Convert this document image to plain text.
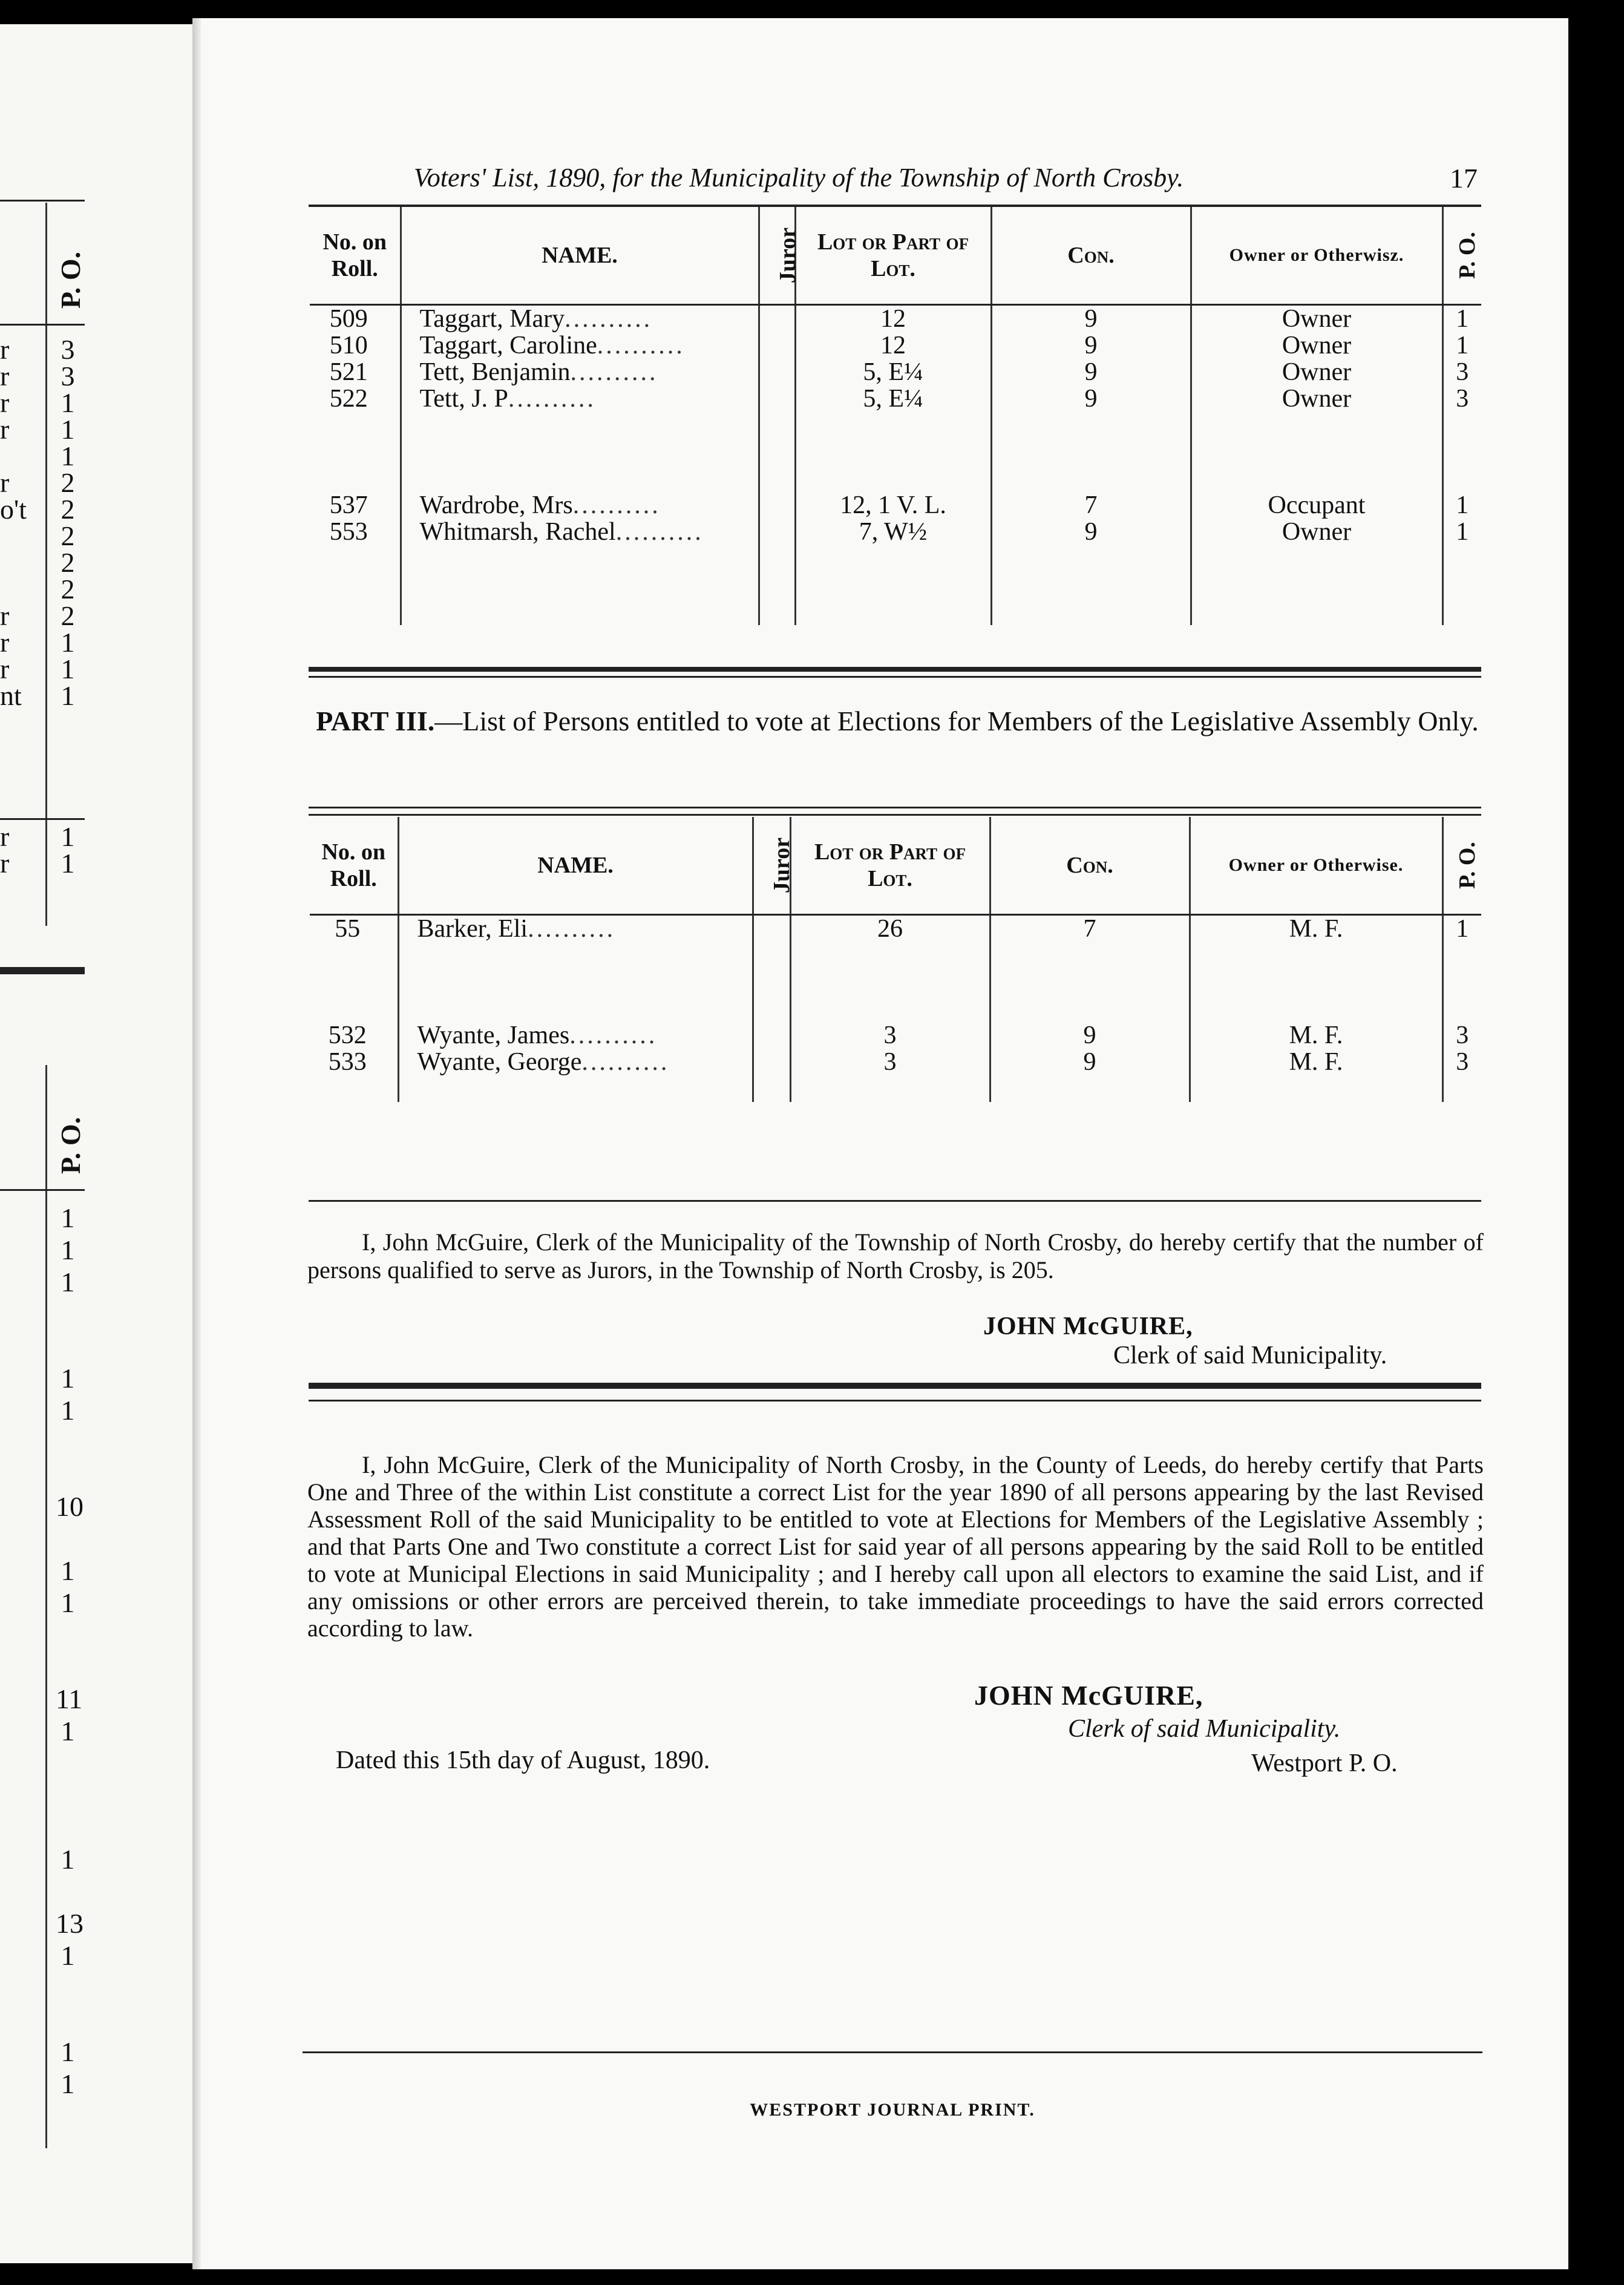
P. O.
r	3
r	3
r	1
r	1
1
r	2
o't 2
2
2
2
r	2
r	1
r	1
nt 1
r	1
r	1
P. O.
1
1
1
1
1
10
1
1
11
1
1
13
1
1
1
Voters' List, 1890, for the Municipality of the Township of North Crosby.	17
No. on Roll.	NAME.	Juror	Lot or Part of Lot.	Con.	Owner or Otherwisz.	P. O.
509	Taggart, Mary..........		12	9	Owner	1
510	Taggart, Caroline..........		12	9	Owner	1
521	Tett, Benjamin..........		5, E¼	9	Owner	3
522	Tett, J. P..........		5, E¼	9	Owner	3

537	Wardrobe, Mrs..........		12, 1 V. L.	7	Occupant	1
553	Whitmarsh, Rachel..........		7, W½	9	Owner	1

PART III.—List of Persons entitled to vote at Elections for Members of the Legislative Assembly Only.
No. on Roll.	NAME.	Juror	Lot or Part of Lot.	Con.	Owner or Otherwise.	P. O.
55	Barker, Eli..........		26	7	M. F.	1

532	Wyante, James..........		3	9	M. F.	3
533	Wyante, George..........		3	9	M. F.	3

I, John McGuire, Clerk of the Municipality of the Township of North Crosby, do hereby certify that the number of persons qualified to serve as Jurors, in the Township of North Crosby, is 205.
JOHN McGUIRE,
Clerk of said Municipality.
I, John McGuire, Clerk of the Municipality of North Crosby, in the County of Leeds, do hereby certify that Parts One and Three of the within List constitute a correct List for the year 1890 of all persons appearing by the last Revised Assessment Roll of the said Municipality to be entitled to vote at Elections for Members of the Legislative Assembly ; and that Parts One and Two constitute a correct List for said year of all persons appearing by the said Roll to be entitled to vote at Municipal Elections in said Municipality ; and I hereby call upon all electors to examine the said List, and if any omissions or other errors are perceived therein, to take immediate proceedings to have the said errors corrected according to law.
JOHN McGUIRE,
Clerk of said Municipality.
Dated this 15th day of August, 1890.	Westport P. O.
WESTPORT JOURNAL PRINT.
